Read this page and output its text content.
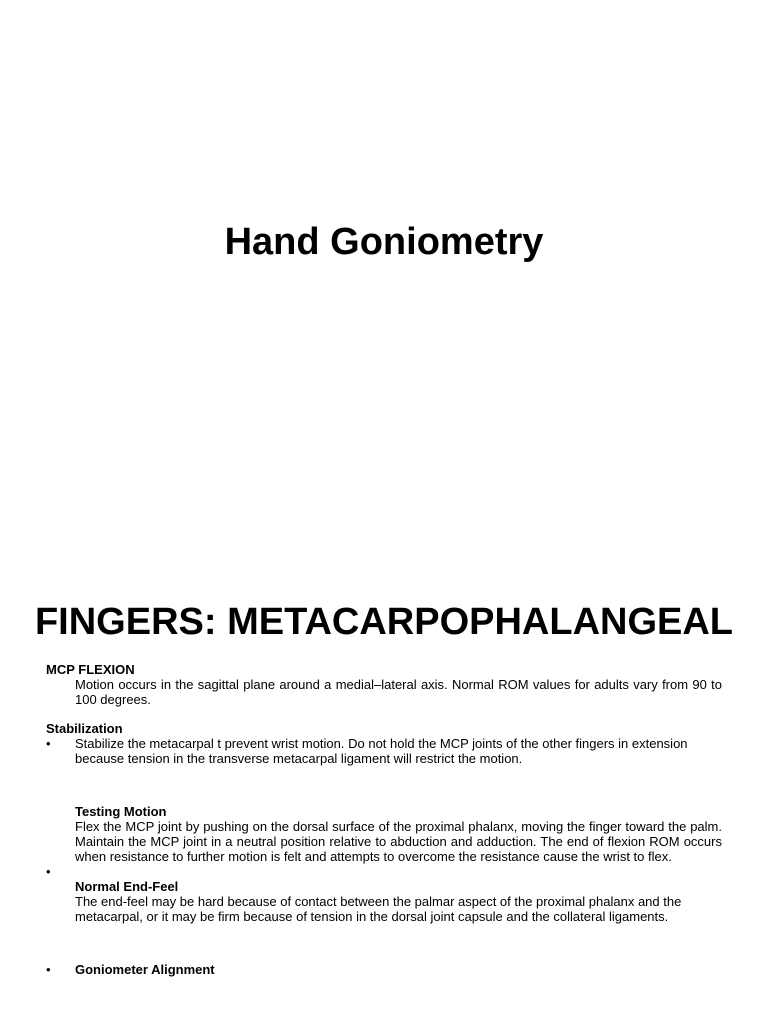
Hand Goniometry
FINGERS: METACARPOPHALANGEAL
MCP FLEXION
Motion occurs in the sagittal plane around a medial–lateral axis. Normal ROM values for adults vary from 90 to 100 degrees.
Stabilization
•	Stabilize the metacarpal t prevent wrist motion. Do not hold the MCP joints of the other fingers in extension because tension in the transverse metacarpal ligament will restrict the motion.
Testing Motion
Flex the MCP joint by pushing on the dorsal surface of the proximal phalanx, moving the finger toward the palm. Maintain the MCP joint in a neutral position relative to abduction and adduction. The end of flexion ROM occurs when resistance to further motion is felt and attempts to overcome the resistance cause the wrist to flex.
•
Normal End-Feel
The end-feel may be hard because of contact between the palmar aspect of the proximal phalanx and the metacarpal, or it may be firm because of tension in the dorsal joint capsule and the collateral ligaments.
•	Goniometer Alignment
